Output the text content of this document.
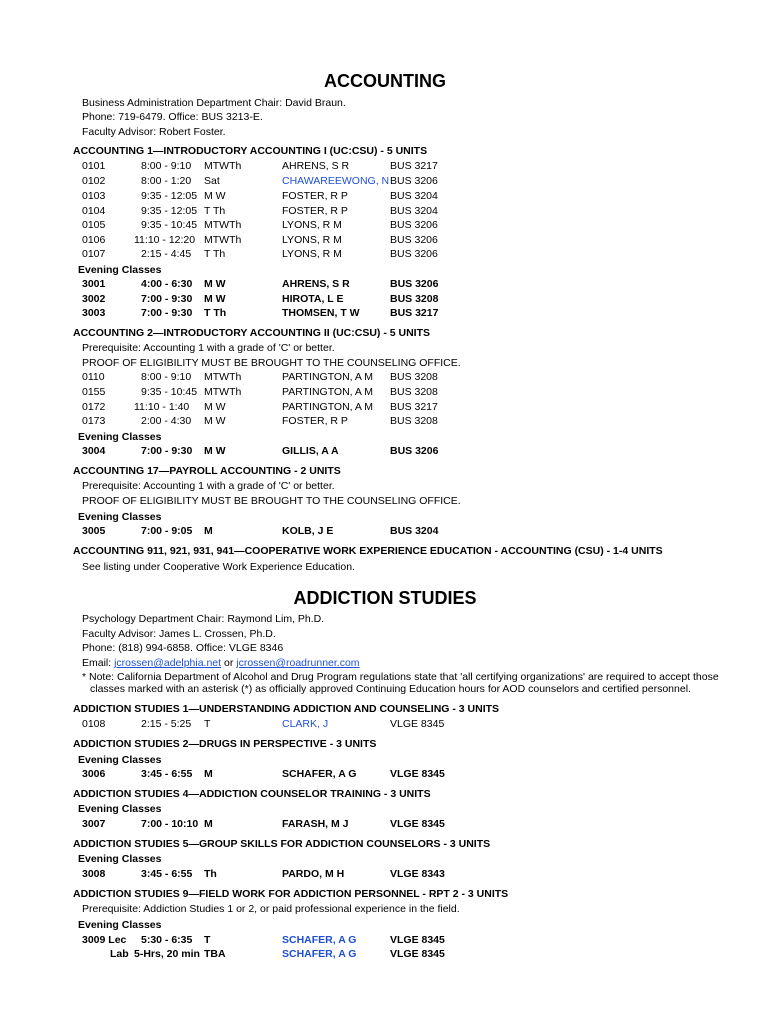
ACCOUNTING
Business Administration Department Chair: David Braun.
Phone: 719-6479. Office: BUS 3213-E.
Faculty Advisor: Robert Foster.
ACCOUNTING 1—INTRODUCTORY ACCOUNTING I (UC:CSU) - 5 UNITS
0101	8:00 - 9:10 MTWTh	AHRENS, S R	BUS 3217
0102	8:00 - 1:20 Sat	CHAWAREEWONG, N BUS 3206
0103	9:35 - 12:05 M W	FOSTER, R P	BUS 3204
0104	9:35 - 12:05 T Th	FOSTER, R P	BUS 3204
0105	9:35 - 10:45 MTWTh	LYONS, R M	BUS 3206
0106	11:10 - 12:20 MTWTh	LYONS, R M	BUS 3206
0107	2:15 - 4:45 T Th	LYONS, R M	BUS 3206
Evening Classes
3001	4:00 - 6:30 M W	AHRENS, S R	BUS 3206
3002	7:00 - 9:30 M W	HIROTA, L E	BUS 3208
3003	7:00 - 9:30 T Th	THOMSEN, T W	BUS 3217
ACCOUNTING 2—INTRODUCTORY ACCOUNTING II (UC:CSU) - 5 UNITS
Prerequisite: Accounting 1 with a grade of 'C' or better.
PROOF OF ELIGIBILITY MUST BE BROUGHT TO THE COUNSELING OFFICE.
0110	8:00 - 9:10 MTWTh	PARTINGTON, A M BUS 3208
0155	9:35 - 10:45 MTWTh	PARTINGTON, A M BUS 3208
0172	11:10 - 1:40 M W	PARTINGTON, A M BUS 3217
0173	2:00 - 4:30 M W	FOSTER, R P	BUS 3208
Evening Classes
3004	7:00 - 9:30 M W	GILLIS, A A	BUS 3206
ACCOUNTING 17—PAYROLL ACCOUNTING - 2 UNITS
Prerequisite: Accounting 1 with a grade of 'C' or better.
PROOF OF ELIGIBILITY MUST BE BROUGHT TO THE COUNSELING OFFICE.
Evening Classes
3005	7:00 - 9:05 M	KOLB, J E	BUS 3204
ACCOUNTING 911, 921, 931, 941—COOPERATIVE WORK EXPERIENCE EDUCATION - ACCOUNTING (CSU) - 1-4 UNITS
See listing under Cooperative Work Experience Education.
ADDICTION STUDIES
Psychology Department Chair: Raymond Lim, Ph.D.
Faculty Advisor: James L. Crossen, Ph.D.
Phone: (818) 994-6858. Office: VLGE 8346
Email: jcrossen@adelphia.net or jcrossen@roadrunner.com
* Note: California Department of Alcohol and Drug Program regulations state that 'all certifying organizations' are required to accept those
classes marked with an asterisk (*) as officially approved Continuing Education hours for AOD counselors and certified personnel.
ADDICTION STUDIES 1—UNDERSTANDING ADDICTION AND COUNSELING - 3 UNITS
0108	2:15 - 5:25 T	CLARK, J	VLGE 8345
ADDICTION STUDIES 2—DRUGS IN PERSPECTIVE - 3 UNITS
Evening Classes
3006	3:45 - 6:55 M	SCHAFER, A G	VLGE 8345
ADDICTION STUDIES 4—ADDICTION COUNSELOR TRAINING - 3 UNITS
Evening Classes
3007	7:00 - 10:10 M	FARASH, M J	VLGE 8345
ADDICTION STUDIES 5—GROUP SKILLS FOR ADDICTION COUNSELORS - 3 UNITS
Evening Classes
3008	3:45 - 6:55 Th	PARDO, M H	VLGE 8343
ADDICTION STUDIES 9—FIELD WORK FOR ADDICTION PERSONNEL - RPT 2 - 3 UNITS
Prerequisite: Addiction Studies 1 or 2, or paid professional experience in the field.
Evening Classes
3009 Lec 5:30 - 6:35 T	SCHAFER, A G	VLGE 8345
Lab 5-Hrs, 20 min TBA	SCHAFER, A G	VLGE 8345
